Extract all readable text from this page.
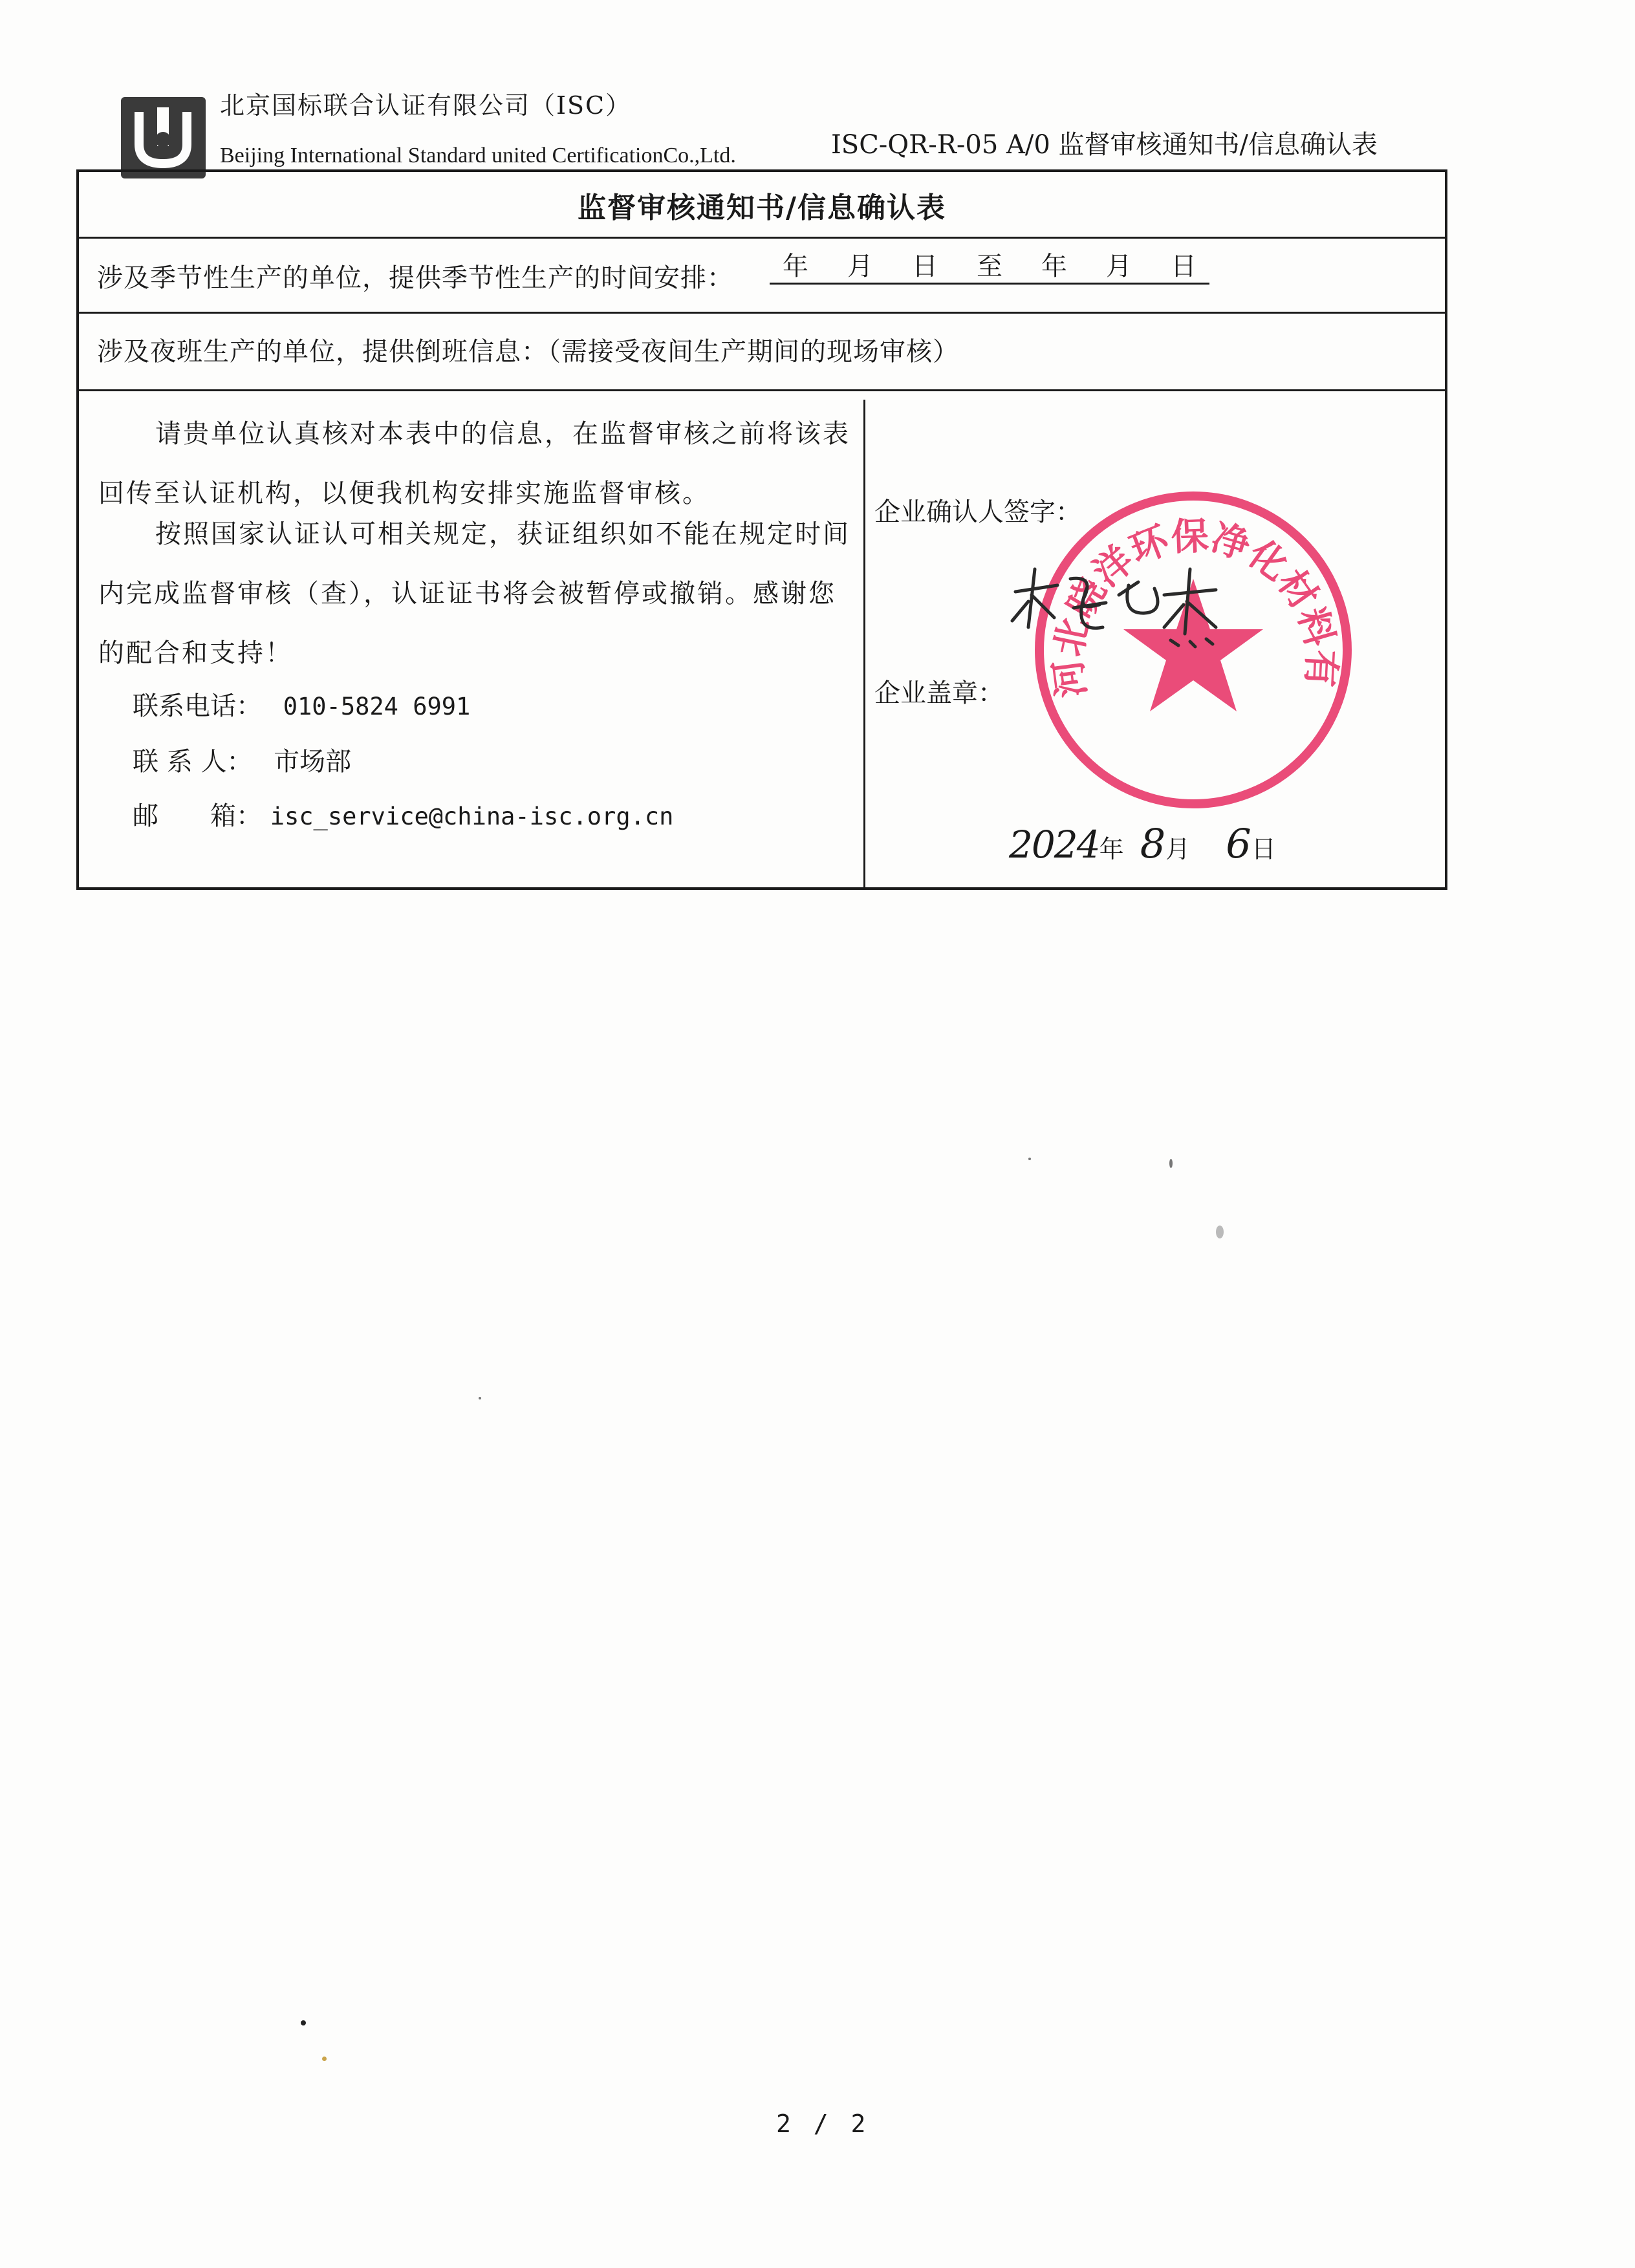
北京国标联合认证有限公司（ISC）
Beijing International Standard united CertificationCo.,Ltd.	ISC-QR-R-05 A/0 监督审核通知书/信息确认表
监督审核通知书/信息确认表
涉及季节性生产的单位，提供季节性生产的时间安排： 年 月 日 至 年 月 日
涉及夜班生产的单位，提供倒班信息：（需接受夜间生产期间的现场审核）
请贵单位认真核对本表中的信息，在监督审核之前将该表回传至认证机构，以便我机构安排实施监督审核。
按照国家认证认可相关规定，获证组织如不能在规定时间内完成监督审核（查），认证证书将会被暂停或撤销。感谢您的配合和支持！
联系电话： 010-5824 6991
联 系 人： 市场部
邮　　箱： isc_service@china-isc.org.cn
企业确认人签字：
企业盖章：	河北晓洋环保净化材料有
2024年 8月 6日
2 / 2
